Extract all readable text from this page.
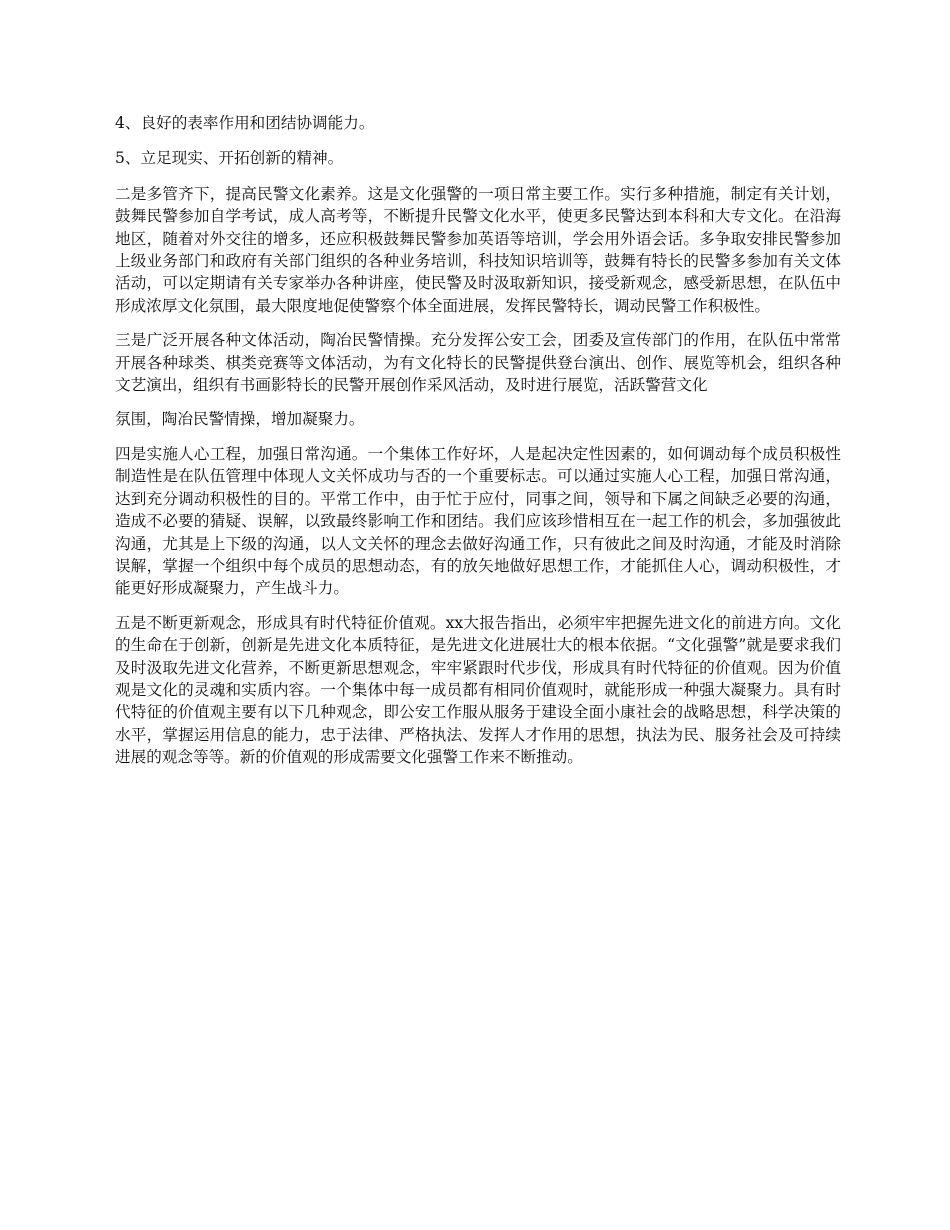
4、良好的表率作用和团结协调能力。

5、立足现实、开拓创新的精神。

二是多管齐下，提高民警文化素养。这是文化强警的一项日常主要工作。实行多种措施，制定有关计划，鼓舞民警参加自学考试，成人高考等，不断提升民警文化水平，使更多民警达到本科和大专文化。在沿海地区，随着对外交往的增多，还应积极鼓舞民警参加英语等培训，学会用外语会话。多争取安排民警参加上级业务部门和政府有关部门组织的各种业务培训，科技知识培训等，鼓舞有特长的民警多参加有关文体活动，可以定期请有关专家举办各种讲座，使民警及时汲取新知识，接受新观念，感受新思想，在队伍中形成浓厚文化氛围，最大限度地促使警察个体全面进展，发挥民警特长，调动民警工作积极性。

三是广泛开展各种文体活动，陶冶民警情操。充分发挥公安工会，团委及宣传部门的作用，在队伍中常常开展各种球类、棋类竞赛等文体活动，为有文化特长的民警提供登台演出、创作、展览等机会，组织各种文艺演出，组织有书画影特长的民警开展创作采风活动，及时进行展览，活跃警营文化

氛围，陶冶民警情操，增加凝聚力。

四是实施人心工程，加强日常沟通。一个集体工作好坏，人是起决定性因素的，如何调动每个成员积极性制造性是在队伍管理中体现人文关怀成功与否的一个重要标志。可以通过实施人心工程，加强日常沟通，达到充分调动积极性的目的。平常工作中，由于忙于应付，同事之间，领导和下属之间缺乏必要的沟通，造成不必要的猜疑、误解，以致最终影响工作和团结。我们应该珍惜相互在一起工作的机会，多加强彼此沟通，尤其是上下级的沟通，以人文关怀的理念去做好沟通工作，只有彼此之间及时沟通，才能及时消除误解，掌握一个组织中每个成员的思想动态，有的放矢地做好思想工作，才能抓住人心，调动积极性，才能更好形成凝聚力，产生战斗力。

五是不断更新观念，形成具有时代特征价值观。xx大报告指出，必须牢牢把握先进文化的前进方向。文化的生命在于创新，创新是先进文化本质特征，是先进文化进展壮大的根本依据。“文化强警”就是要求我们及时汲取先进文化营养，不断更新思想观念，牢牢紧跟时代步伐，形成具有时代特征的价值观。因为价值观是文化的灵魂和实质内容。一个集体中每一成员都有相同价值观时，就能形成一种强大凝聚力。具有时代特征的价值观主要有以下几种观念，即公安工作服从服务于建设全面小康社会的战略思想，科学决策的水平，掌握运用信息的能力，忠于法律、严格执法、发挥人才作用的思想，执法为民、服务社会及可持续进展的观念等等。新的价值观的形成需要文化强警工作来不断推动。
